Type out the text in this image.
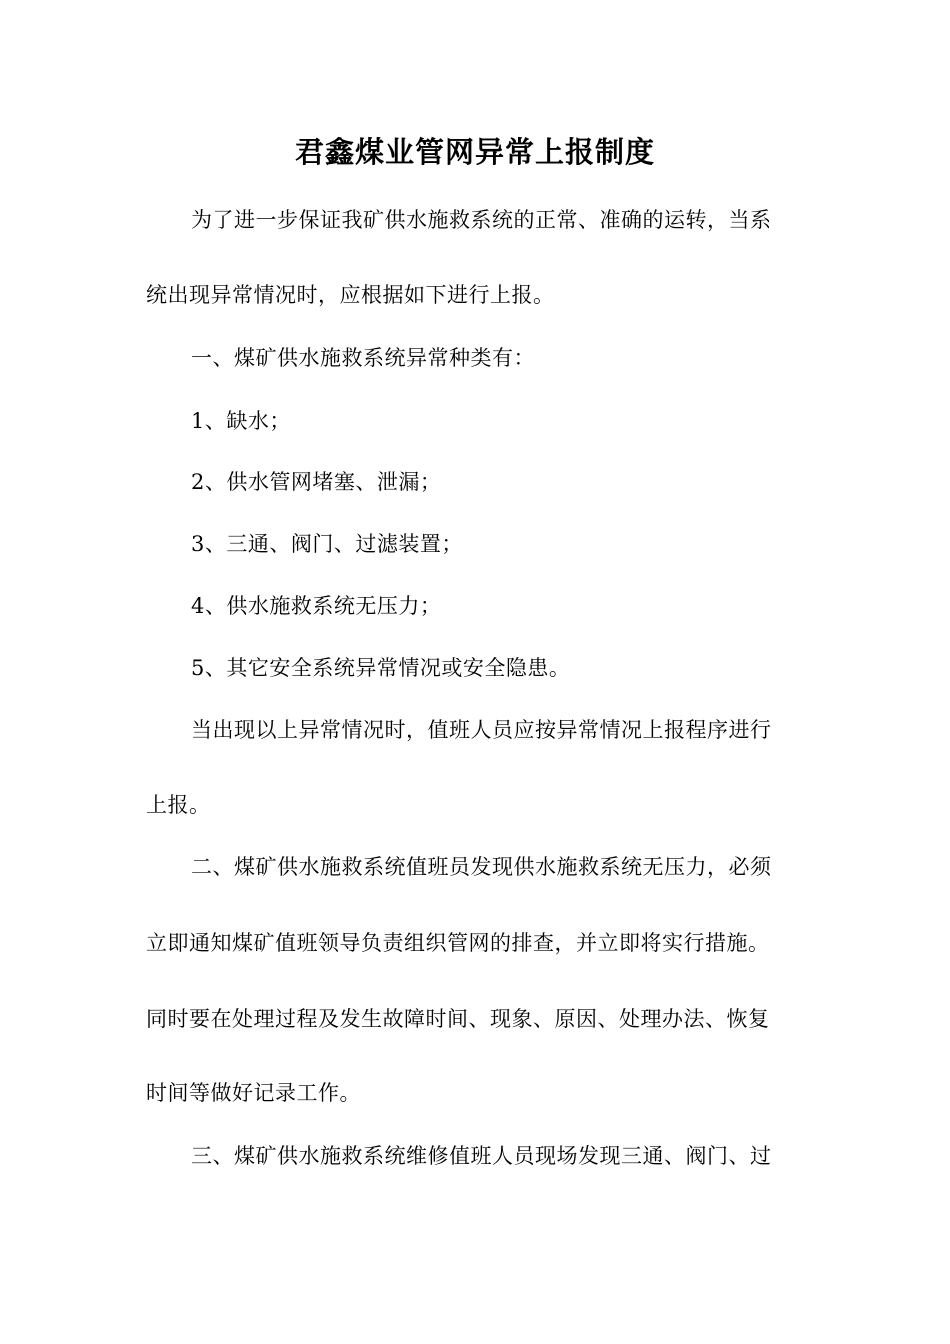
君鑫煤业管网异常上报制度
为了进一步保证我矿供水施救系统的正常、准确的运转，当系
统出现异常情况时，应根据如下进行上报。
一、煤矿供水施救系统异常种类有：
1、缺水；
2、供水管网堵塞、泄漏；
3、三通、阀门、过滤装置；
4、供水施救系统无压力；
5、其它安全系统异常情况或安全隐患。
当出现以上异常情况时，值班人员应按异常情况上报程序进行
上报。
二、煤矿供水施救系统值班员发现供水施救系统无压力，必须
立即通知煤矿值班领导负责组织管网的排查，并立即将实行措施。
同时要在处理过程及发生故障时间、现象、原因、处理办法、恢复
时间等做好记录工作。
三、煤矿供水施救系统维修值班人员现场发现三通、阀门、过
